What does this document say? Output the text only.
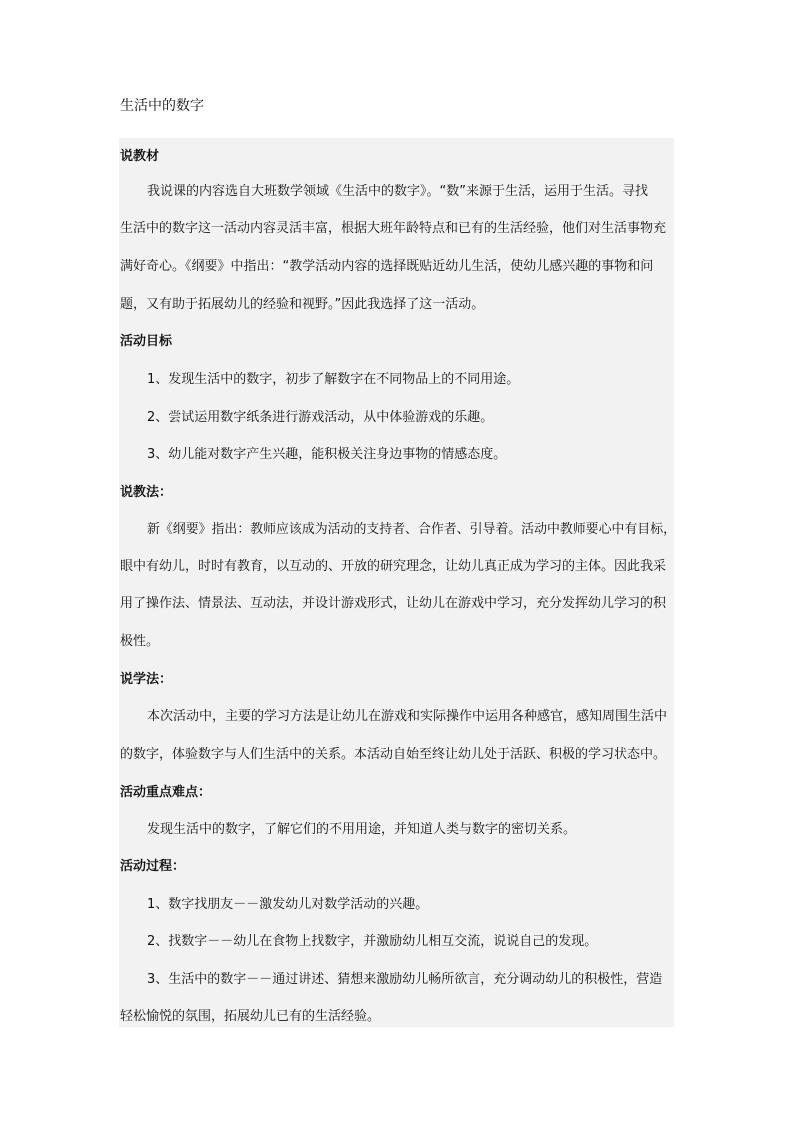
生活中的数字
说教材
我说课的内容选自大班数学领域《生活中的数字》。“数”来源于生活，运用于生活。寻找
生活中的数字这一活动内容灵活丰富，根据大班年龄特点和已有的生活经验，他们对生活事物充
满好奇心。《纲要》中指出：“教学活动内容的选择既贴近幼儿生活，使幼儿感兴趣的事物和问
题，又有助于拓展幼儿的经验和视野。”因此我选择了这一活动。
活动目标
1、发现生活中的数字，初步了解数字在不同物品上的不同用途。
2、尝试运用数字纸条进行游戏活动，从中体验游戏的乐趣。
3、幼儿能对数字产生兴趣，能积极关注身边事物的情感态度。
说教法：
新《纲要》指出：教师应该成为活动的支持者、合作者、引导着。活动中教师要心中有目标，
眼中有幼儿，时时有教育，以互动的、开放的研究理念，让幼儿真正成为学习的主体。因此我采
用了操作法、情景法、互动法，并设计游戏形式，让幼儿在游戏中学习，充分发挥幼儿学习的积
极性。
说学法：
本次活动中，主要的学习方法是让幼儿在游戏和实际操作中运用各种感官，感知周围生活中
的数字，体验数字与人们生活中的关系。本活动自始至终让幼儿处于活跃、积极的学习状态中。
活动重点难点：
发现生活中的数字，了解它们的不用用途，并知道人类与数字的密切关系。
活动过程：
1、数字找朋友－－激发幼儿对数学活动的兴趣。
2、找数字－－幼儿在食物上找数字，并激励幼儿相互交流，说说自己的发现。
3、生活中的数字－－通过讲述、猜想来激励幼儿畅所欲言，充分调动幼儿的积极性，营造
轻松愉悦的氛围，拓展幼儿已有的生活经验。
